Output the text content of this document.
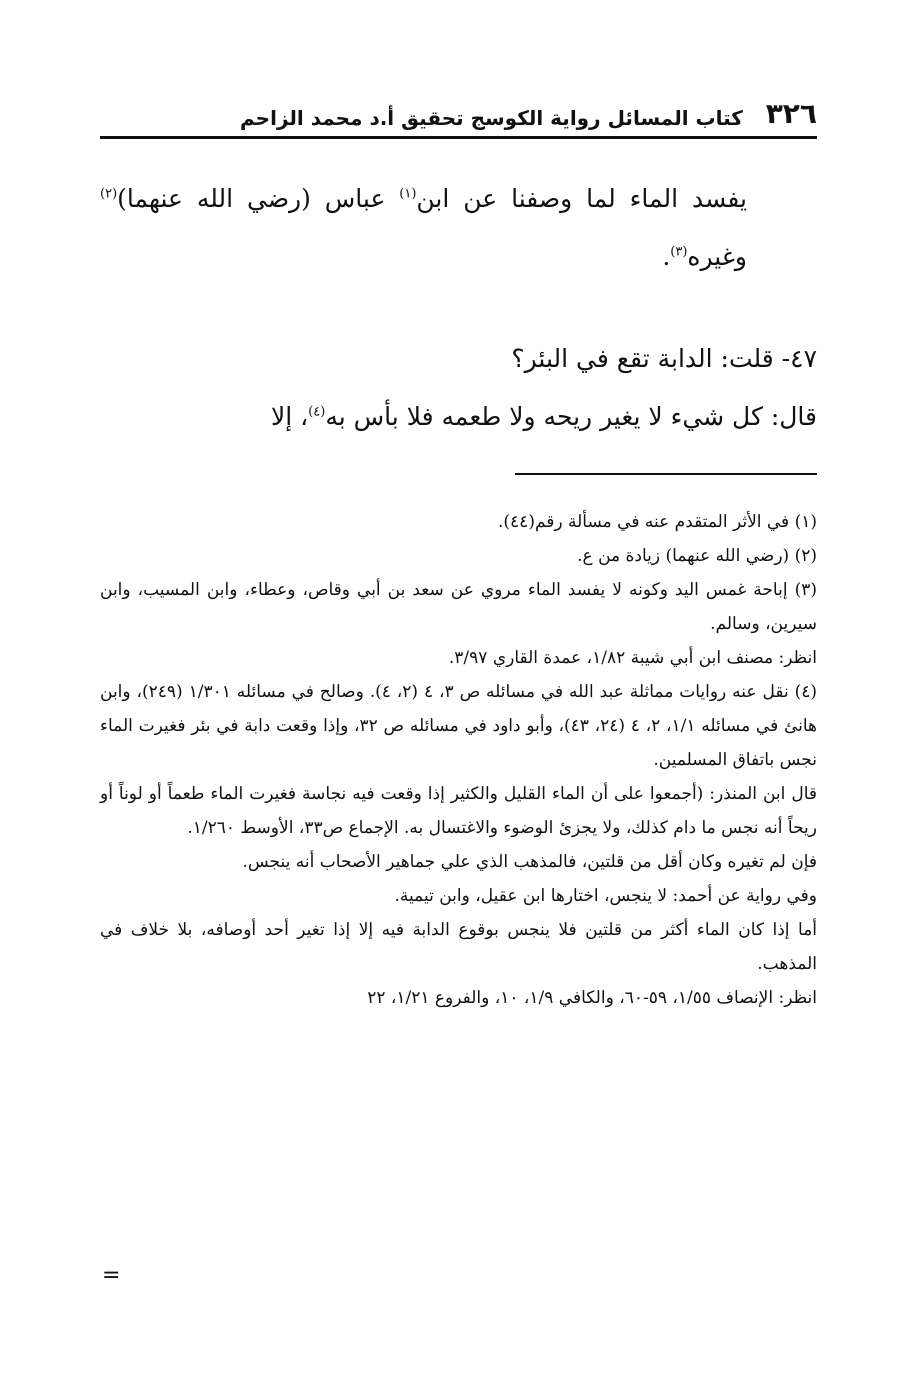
٣٢٦
كتاب المسائل رواية الكوسج تحقيق أ.د محمد الزاحم
يفسد الماء لما وصفنا عن ابن$^{(١)}$ عباس (رضي الله عنهما)$^{(٢)}$ وغيره$^{(٣)}$.
٤٧- قلت: الدابة تقع في البئر؟
قال: كل شيء لا يغير ريحه ولا طعمه فلا بأس به$^{(٤)}$، إلا

(١) في الأثر المتقدم عنه في مسألة رقم(٤٤).

(٢) (رضي الله عنهما) زيادة من ع.

(٣) إباحة غمس اليد وكونه لا يفسد الماء مروي عن سعد بن أبي وقاص، وعطاء، وابن المسيب، وابن سيرين، وسالم.

انظر: مصنف ابن أبي شيبة ١/٨٢، عمدة القاري ٣/٩٧.

(٤) نقل عنه روايات مماثلة عبد الله في مسائله ص ٣، ٤ (٢، ٤). وصالح في مسائله ١/٣٠١ (٢٤٩)، وابن هانئ في مسائله ١/١، ٢، ٤ (٢٤، ٤٣)، وأبو داود في مسائله ص ٣٢، وإذا وقعت دابة في بئر فغيرت الماء نجس باتفاق المسلمين.

قال ابن المنذر: (أجمعوا على أن الماء القليل والكثير إذا وقعت فيه نجاسة فغيرت الماء طعماً أو لوناً أو ريحاً أنه نجس ما دام كذلك، ولا يجزئ الوضوء والاغتسال به. الإجماع ص٣٣، الأوسط ١/٢٦٠.

فإن لم تغيره وكان أقل من قلتين، فالمذهب الذي علي جماهير الأصحاب أنه ينجس.

وفي رواية عن أحمد: لا ينجس، اختارها ابن عقيل، وابن تيمية.

أما إذا كان الماء أكثر من قلتين فلا ينجس بوقوع الدابة فيه إلا إذا تغير أحد أوصافه، بلا خلاف في المذهب.

انظر: الإنصاف ١/٥٥، ٥٩-٦٠، والكافي ١/٩، ١٠، والفروع ١/٢١، ٢٢

=
